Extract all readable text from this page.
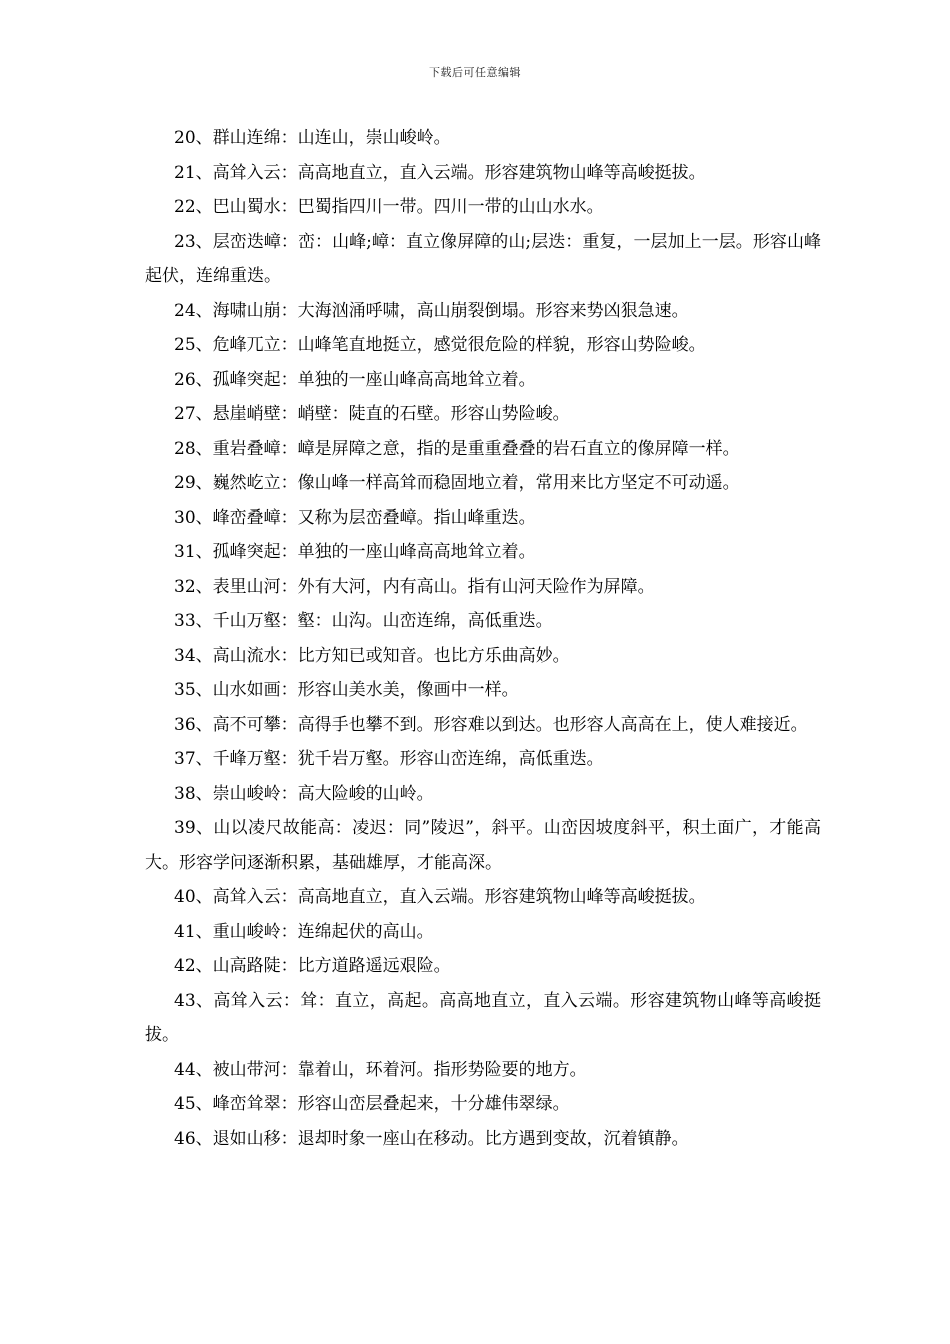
下载后可任意编辑

20、群山连绵：山连山，崇山峻岭。

21、高耸入云：高高地直立，直入云端。形容建筑物山峰等高峻挺拔。

22、巴山蜀水：巴蜀指四川一带。四川一带的山山水水。

23、层峦迭嶂：峦：山峰;嶂：直立像屏障的山;层迭：重复，一层加上一层。形容山峰起伏，连绵重迭。

24、海啸山崩：大海汹涌呼啸，高山崩裂倒塌。形容来势凶狠急速。

25、危峰兀立：山峰笔直地挺立，感觉很危险的样貌，形容山势险峻。

26、孤峰突起：单独的一座山峰高高地耸立着。

27、悬崖峭壁：峭壁：陡直的石壁。形容山势险峻。

28、重岩叠嶂：嶂是屏障之意，指的是重重叠叠的岩石直立的像屏障一样。

29、巍然屹立：像山峰一样高耸而稳固地立着，常用来比方坚定不可动遥。

30、峰峦叠嶂：又称为层峦叠嶂。指山峰重迭。

31、孤峰突起：单独的一座山峰高高地耸立着。

32、表里山河：外有大河，内有高山。指有山河天险作为屏障。

33、千山万壑：壑：山沟。山峦连绵，高低重迭。

34、高山流水：比方知已或知音。也比方乐曲高妙。

35、山水如画：形容山美水美，像画中一样。

36、高不可攀：高得手也攀不到。形容难以到达。也形容人高高在上，使人难接近。

37、千峰万壑：犹千岩万壑。形容山峦连绵，高低重迭。

38、崇山峻岭：高大险峻的山岭。

39、山以凌尺故能高：凌迟：同”陵迟”，斜平。山峦因坡度斜平，积土面广，才能高大。形容学问逐渐积累，基础雄厚，才能高深。

40、高耸入云：高高地直立，直入云端。形容建筑物山峰等高峻挺拔。

41、重山峻岭：连绵起伏的高山。

42、山高路陡：比方道路遥远艰险。

43、高耸入云：耸：直立，高起。高高地直立，直入云端。形容建筑物山峰等高峻挺拔。

44、被山带河：靠着山，环着河。指形势险要的地方。

45、峰峦耸翠：形容山峦层叠起来，十分雄伟翠绿。

46、退如山移：退却时象一座山在移动。比方遇到变故，沉着镇静。
